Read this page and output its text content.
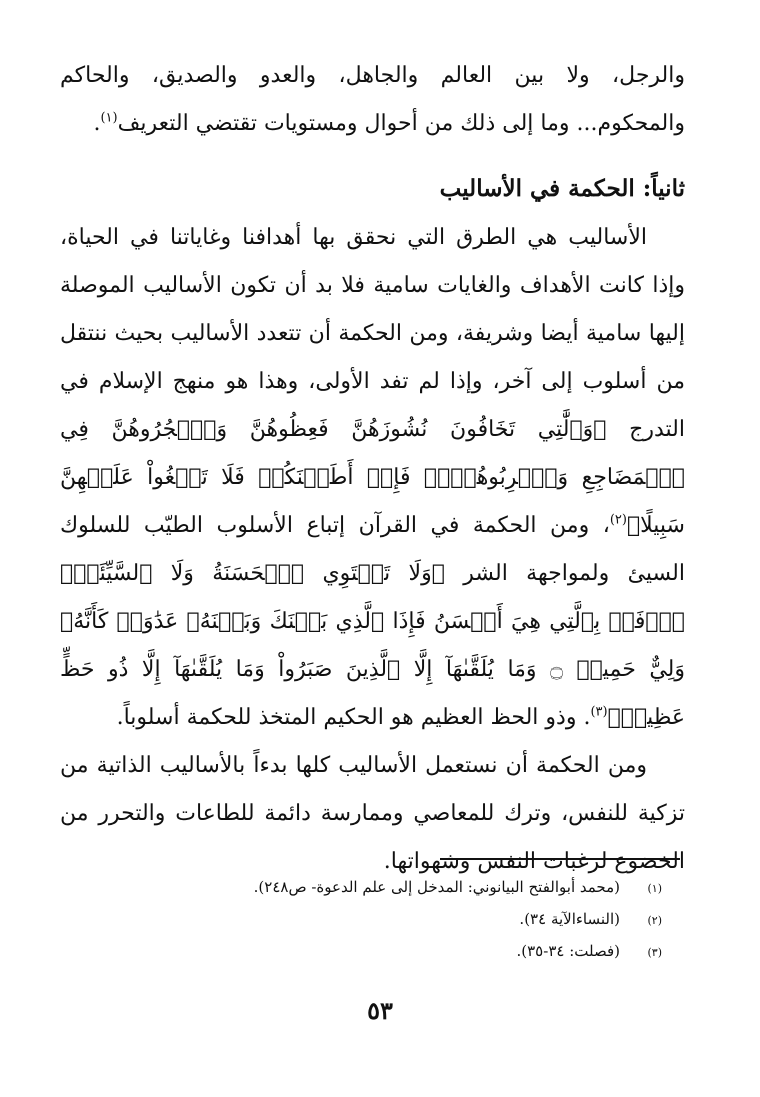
والرجل، ولا بين العالم والجاهل، والعدو والصديق، والحاكم والمحكوم... وما إلى ذلك من أحوال ومستويات تقتضي التعريف$^{(١)}$.

ثانياً: الحكمة في الأساليب

الأساليب هي الطرق التي نحقق بها أهدافنا وغاياتنا في الحياة، وإذا كانت الأهداف والغايات سامية فلا بد أن تكون الأساليب الموصلة إليها سامية أيضا وشريفة، ومن الحكمة أن تتعدد الأساليب بحيث ننتقل من أسلوب إلى آخر، وإذا لم تفد الأولى، وهذا هو منهج الإسلام في التدرج ﴿وَٱلَّٰتِي تَخَافُونَ نُشُوزَهُنَّ فَعِظُوهُنَّ وَٱهۡجُرُوهُنَّ فِي ٱلۡمَضَاجِعِ وَٱضۡرِبُوهُنَّۖ فَإِنۡ أَطَعۡنَكُمۡ فَلَا تَبۡغُواْ عَلَيۡهِنَّ سَبِيلًا﴾$^{(٢)}$، ومن الحكمة في القرآن إتباع الأسلوب الطيّب للسلوك السيئ ولمواجهة الشر ﴿وَلَا تَسۡتَوِي ٱلۡحَسَنَةُ وَلَا ٱلسَّيِّئَةُۚ ٱدۡفَعۡ بِٱلَّتِي هِيَ أَحۡسَنُ فَإِذَا ٱلَّذِي بَيۡنَكَ وَبَيۡنَهُۥ عَدَٰوَةٞ كَأَنَّهُۥ وَلِيٌّ حَمِيمٞ ۝ وَمَا يُلَقَّىٰهَآ إِلَّا ٱلَّذِينَ صَبَرُواْ وَمَا يُلَقَّىٰهَآ إِلَّا ذُو حَظٍّ عَظِيمٖ﴾$^{(٣)}$. وذو الحظ العظيم هو الحكيم المتخذ للحكمة أسلوباً.

ومن الحكمة أن نستعمل الأساليب كلها بدءاً بالأساليب الذاتية من تزكية للنفس، وترك للمعاصي وممارسة دائمة للطاعات والتحرر من الخضوع لرغبات النفس وشهواتها.

(١)
(محمد أبوالفتح البيانوني: المدخل إلى علم الدعوة- ص٢٤٨).
(٢)
(النساءالآية ٣٤).
(٣)
(فصلت: ٣٤-٣٥).
٥٣
